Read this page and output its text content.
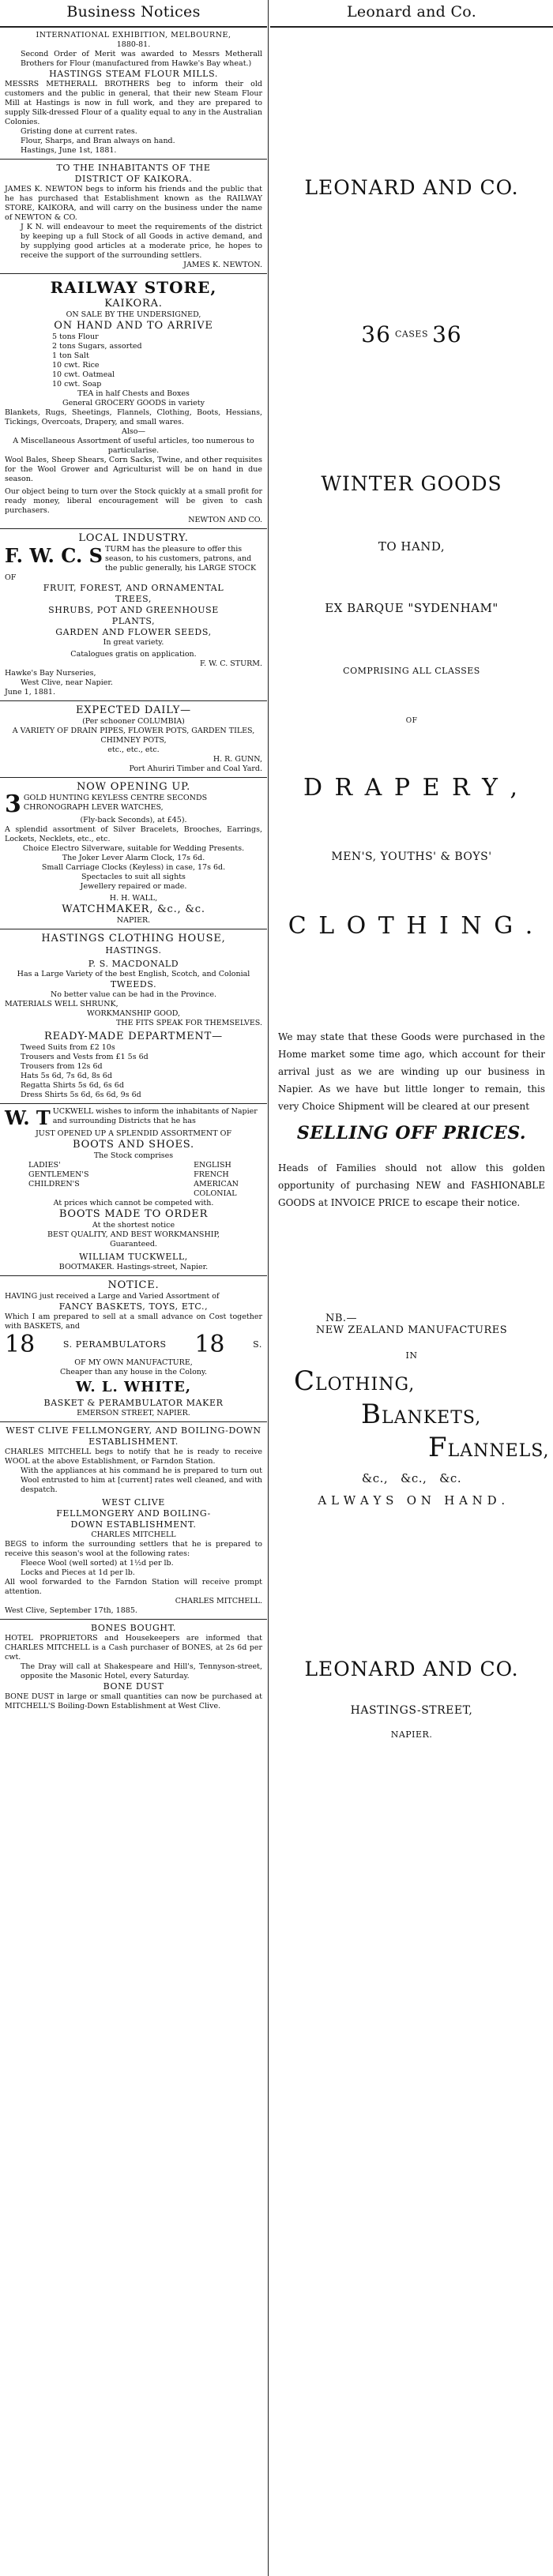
Business Notices

INTERNATIONAL EXHIBITION, MELBOURNE,

1880-81.

Second Order of Merit was awarded to Messrs Metherall Brothers for Flour (manufactured from Hawke's Bay wheat.)

HASTINGS STEAM FLOUR MILLS.

MESSRS METHERALL BROTHERS beg to inform their old customers and the public in general, that their new Steam Flour Mill at Hastings is now in full work, and they are prepared to supply Silk-dressed Flour of a quality equal to any in the Australian Colonies.

Gristing done at current rates.

Flour, Sharps, and Bran always on hand.

Hastings, June 1st, 1881.

TO THE INHABITANTS OF THE

DISTRICT OF KAIKORA.

JAMES K. NEWTON begs to inform his friends and the public that he has purchased that Establishment known as the RAILWAY STORE, KAIKORA, and will carry on the business under the name of NEWTON & CO.

J K N. will endeavour to meet the requirements of the district by keeping up a full Stock of all Goods in active demand, and by supplying good articles at a moderate price, he hopes to receive the support of the surrounding settlers.

JAMES K. NEWTON.

RAILWAY STORE,

KAIKORA.

ON SALE BY THE UNDERSIGNED,

ON HAND AND TO ARRIVE

5 tons Flour

2 tons Sugars, assorted

1 ton Salt

10 cwt. Rice

10 cwt. Oatmeal

10 cwt. Soap

TEA in half Chests and Boxes

General GROCERY GOODS in variety

Blankets, Rugs, Sheetings, Flannels, Clothing, Boots, Hessians, Tickings, Overcoats, Drapery, and small wares.

Also—

A Miscellaneous Assortment of useful articles, too numerous to particularise.

Wool Bales, Sheep Shears, Corn Sacks, Twine, and other requisites for the Wool Grower and Agriculturist will be on hand in due season.

Our object being to turn over the Stock quickly at a small profit for ready money, liberal encouragement will be given to cash purchasers.

NEWTON AND CO.

LOCAL INDUSTRY.

F. W. C. S TURM has the pleasure to offer this season, to his customers, patrons, and the public generally, his LARGE STOCK OF

FRUIT, FOREST, AND ORNAMENTAL

TREES,

SHRUBS, POT AND GREENHOUSE

PLANTS,

GARDEN AND FLOWER SEEDS,

In great variety.

Catalogues gratis on application.

F. W. C. STURM.

Hawke's Bay Nurseries,

West Clive, near Napier.

June 1, 1881.

EXPECTED DAILY—

(Per schooner COLUMBIA)

A VARIETY OF DRAIN PIPES, FLOWER POTS, GARDEN TILES, CHIMNEY POTS,

etc., etc., etc.

H. R. GUNN,

Port Ahuriri Timber and Coal Yard.

NOW OPENING UP.

3 GOLD HUNTING KEYLESS CENTRE SECONDS CHRONOGRAPH LEVER WATCHES,

(Fly-back Seconds), at £45).

A splendid assortment of Silver Bracelets, Brooches, Earrings, Lockets, Necklets, etc., etc.

Choice Electro Silverware, suitable for Wedding Presents.

The Joker Lever Alarm Clock, 17s 6d.

Small Carriage Clocks (Keyless) in case, 17s 6d.

Spectacles to suit all sights

Jewellery repaired or made.

H. H. WALL,

WATCHMAKER, &c., &c.

NAPIER.

HASTINGS CLOTHING HOUSE,

HASTINGS.

P. S. MACDONALD

Has a Large Variety of the best English, Scotch, and Colonial

TWEEDS.

No better value can be had in the Province.

MATERIALS WELL SHRUNK,

WORKMANSHIP GOOD,

THE FITS SPEAK FOR THEMSELVES.

READY-MADE DEPARTMENT—

Tweed Suits from £2 10s

Trousers and Vests from £1 5s 6d

Trousers from 12s 6d

Hats 5s 6d, 7s 6d, 8s 6d

Regatta Shirts 5s 6d, 6s 6d

Dress Shirts 5s 6d, 6s 6d, 9s 6d

W. T UCKWELL wishes to inform the inhabitants of Napier and surrounding Districts that he has

JUST OPENED UP A SPLENDID ASSORTMENT OF

BOOTS AND SHOES.

The Stock comprises

LADIES'

GENTLEMEN'S

CHILDREN'S

ENGLISH

FRENCH

AMERICAN

COLONIAL

At prices which cannot be competed with.

BOOTS MADE TO ORDER

At the shortest notice

BEST QUALITY, AND BEST WORKMANSHIP,

Guaranteed.

WILLIAM TUCKWELL,

BOOTMAKER. Hastings-street, Napier.

NOTICE.

HAVING just received a Large and Varied Assortment of

FANCY BASKETS, TOYS, ETC.,

Which I am prepared to sell at a small advance on Cost together with BASKETS, and

18	S. PERAMBULATORS 18	S.

OF MY OWN MANUFACTURE,

Cheaper than any house in the Colony.

W. L. WHITE,

BASKET & PERAMBULATOR MAKER

EMERSON STREET, NAPIER.

WEST CLIVE FELLMONGERY, AND BOILING-DOWN ESTABLISHMENT.

CHARLES MITCHELL begs to notify that he is ready to receive WOOL at the above Establishment, or Farndon Station.

With the appliances at his command he is prepared to turn out Wool entrusted to him at [current] rates well cleaned, and with despatch.

WEST CLIVE

FELLMONGERY AND BOILING-

DOWN ESTABLISHMENT.

CHARLES MITCHELL

BEGS to inform the surrounding settlers that he is prepared to receive this season's wool at the following rates:

Fleece Wool (well sorted) at 1½d per lb.

Locks and Pieces at 1d per lb.

All wool forwarded to the Farndon Station will receive prompt attention.

CHARLES MITCHELL.

West Clive, September 17th, 1885.

BONES BOUGHT.

HOTEL PROPRIETORS and Housekeepers are informed that CHARLES MITCHELL is a Cash purchaser of BONES, at 2s 6d per cwt.

The Dray will call at Shakespeare and Hill's, Tennyson-street, opposite the Masonic Hotel, every Saturday.

BONE DUST

BONE DUST in large or small quantities can now be purchased at MITCHELL'S Boiling-Down Establishment at West Clive.

Leonard and Co.

LEONARD AND CO.

36 $^{CASES}$ 36

WINTER GOODS

TO HAND,

EX BARQUE "SYDENHAM"

COMPRISING ALL CLASSES

OF

D R A P E R Y ,

MEN'S, YOUTHS' & BOYS'

C L O T H I N G .

We may state that these Goods were purchased in the Home market some time ago, which account for their arrival just as we are winding up our business in Napier. As we have but little longer to remain, this very Choice Shipment will be cleared at our present

SELLING OFF PRICES.

Heads of Families should not allow this golden opportunity of purchasing NEW and FASHIONABLE GOODS at INVOICE PRICE to escape their notice.

NB.—

NEW ZEALAND MANUFACTURES

IN

CLOTHING,

BLANKETS,

FLANNELS,

&c.,   &c.,   &c.

A L W A Y S   O N   H A N D .

LEONARD AND CO.

HASTINGS-STREET,

NAPIER.
